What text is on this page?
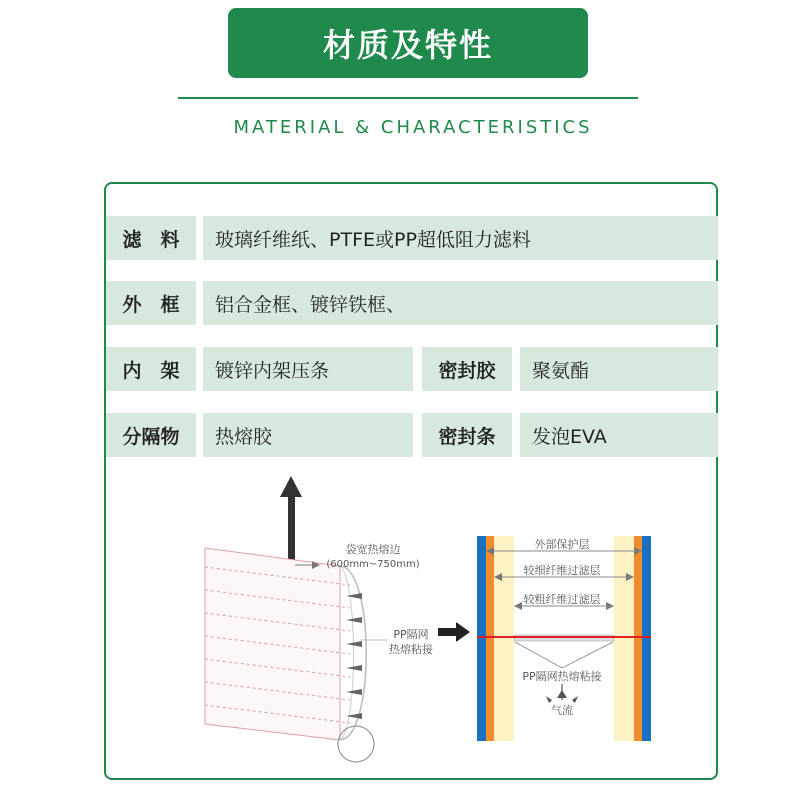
材质及特性
MATERIAL & CHARACTERISTICS
滤　料	玻璃纤维纸、PTFE或PP超低阻力滤料
外　框	铝合金框、镀锌铁框、
内　架	镀锌内架压条	密封胶	聚氨酯
分隔物	热熔胶	密封条	发泡EVA
袋宽热熔边
(600mm~750mm)
PP隔网
热熔粘接
外部保护层
较细纤维过滤层
较粗纤维过滤层
PP隔网热熔粘接
气流
